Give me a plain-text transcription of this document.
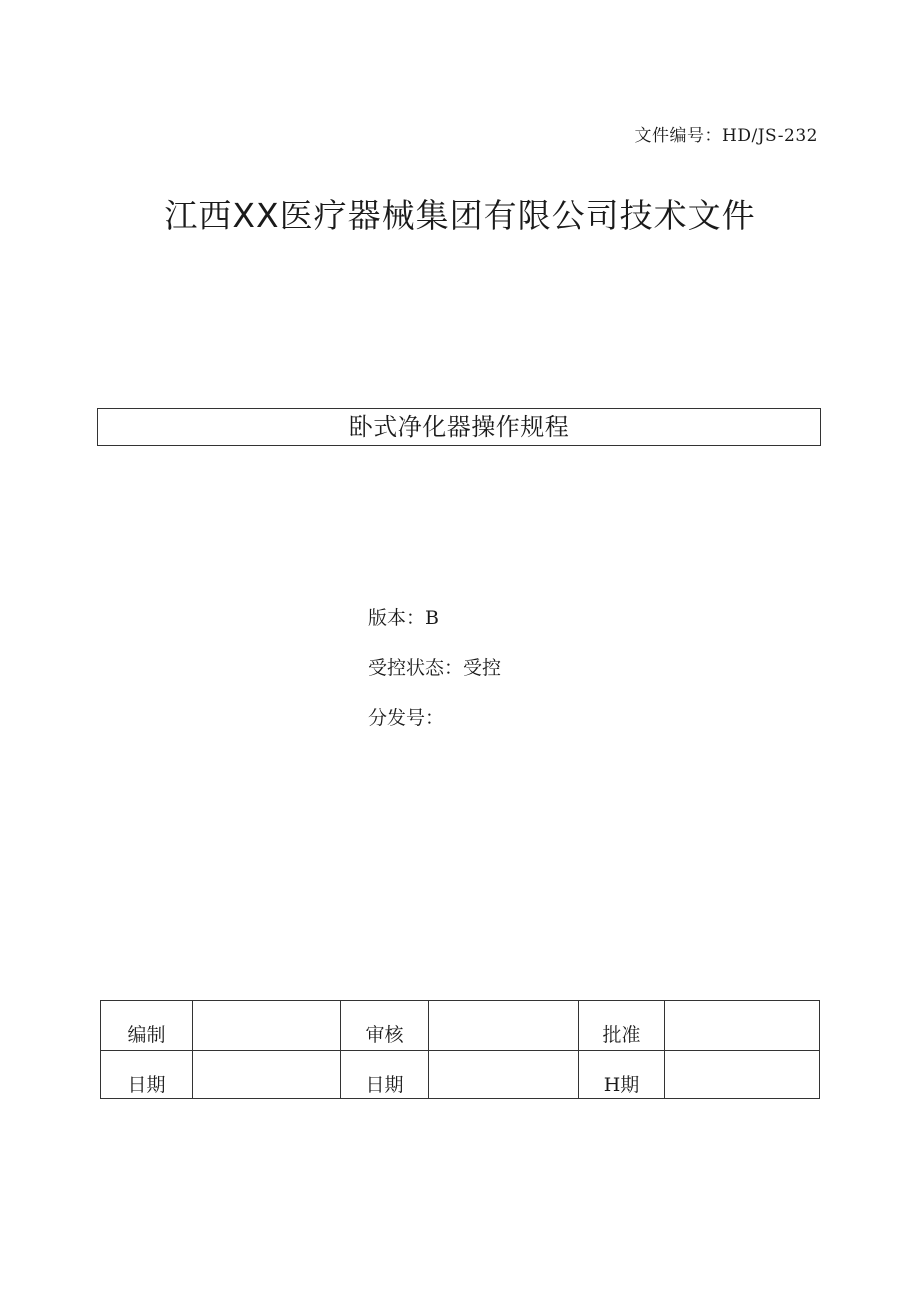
文件编号：HD/JS-232
江西XX医疗器械集团有限公司技术文件
卧式净化器操作规程
版本：B
受控状态：受控
分发号：
编制		审核		批准	
日期		日期		H期	
